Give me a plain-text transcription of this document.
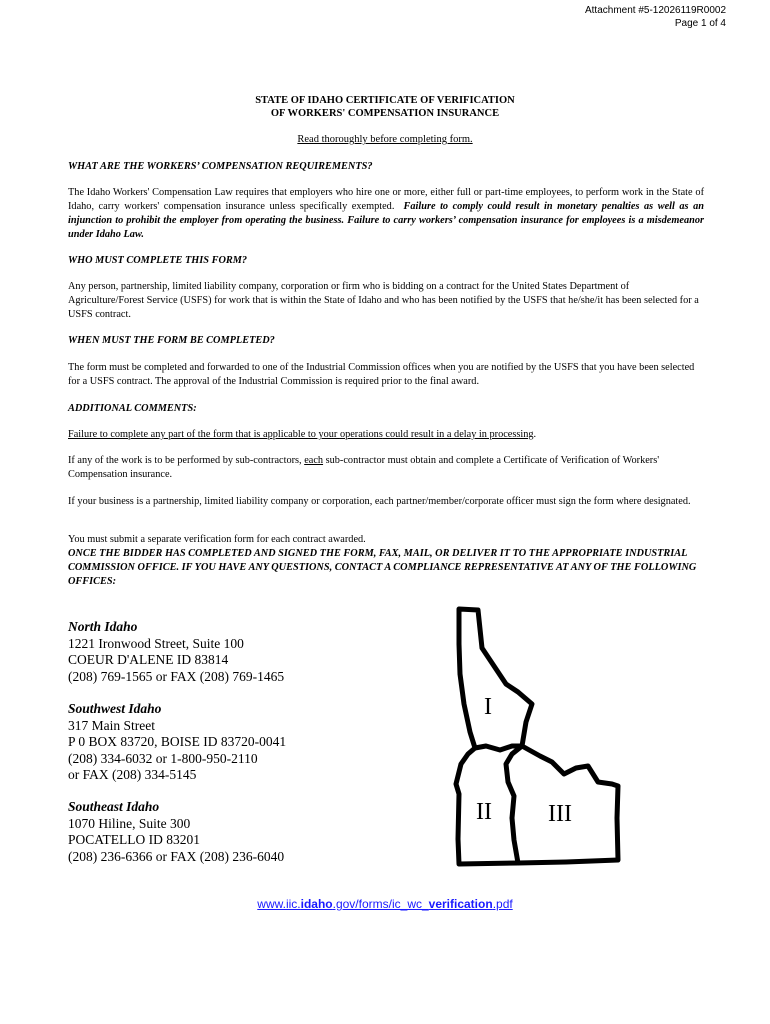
Attachment #5-12026119R0002
Page 1 of 4
STATE OF IDAHO CERTIFICATE OF VERIFICATION
OF WORKERS' COMPENSATION INSURANCE
Read thoroughly before completing form.
WHAT ARE THE WORKERS’ COMPENSATION REQUIREMENTS?
The Idaho Workers' Compensation Law requires that employers who hire one or more, either full or part-time employees, to perform work in the State of Idaho, carry workers' compensation insurance unless specifically exempted. Failure to comply could result in monetary penalties as well as an injunction to prohibit the employer from operating the business. Failure to carry workers’ compensation insurance for employees is a misdemeanor under Idaho Law.
WHO MUST COMPLETE THIS FORM?
Any person, partnership, limited liability company, corporation or firm who is bidding on a contract for the United States Department of Agriculture/Forest Service (USFS) for work that is within the State of Idaho and who has been notified by the USFS that he/she/it has been selected for a USFS contract.
WHEN MUST THE FORM BE COMPLETED?
The form must be completed and forwarded to one of the Industrial Commission offices when you are notified by the USFS that you have been selected for a USFS contract. The approval of the Industrial Commission is required prior to the final award.
ADDITIONAL COMMENTS:
Failure to complete any part of the form that is applicable to your operations could result in a delay in processing.
If any of the work is to be performed by sub-contractors, each sub-contractor must obtain and complete a Certificate of Verification of Workers' Compensation insurance.
If your business is a partnership, limited liability company or corporation, each partner/member/corporate officer must sign the form where designated.
You must submit a separate verification form for each contract awarded.
ONCE THE BIDDER HAS COMPLETED AND SIGNED THE FORM, FAX, MAIL, OR DELIVER IT TO THE APPROPRIATE INDUSTRIAL COMMISSION OFFICE. IF YOU HAVE ANY QUESTIONS, CONTACT A COMPLIANCE REPRESENTATIVE AT ANY OF THE FOLLOWING OFFICES:
North Idaho
1221 Ironwood Street, Suite 100
COEUR D'ALENE ID 83814
(208) 769-1565 or FAX (208) 769-1465
Southwest Idaho
317 Main Street
P 0 BOX 83720, BOISE ID 83720-0041
(208) 334-6032 or 1-800-950-2110
or FAX (208) 334-5145
Southeast Idaho
1070 Hiline, Suite 300
POCATELLO ID 83201
(208) 236-6366 or FAX (208) 236-6040
I
II III
www.iic.idaho.gov/forms/ic_wc_verification.pdf
